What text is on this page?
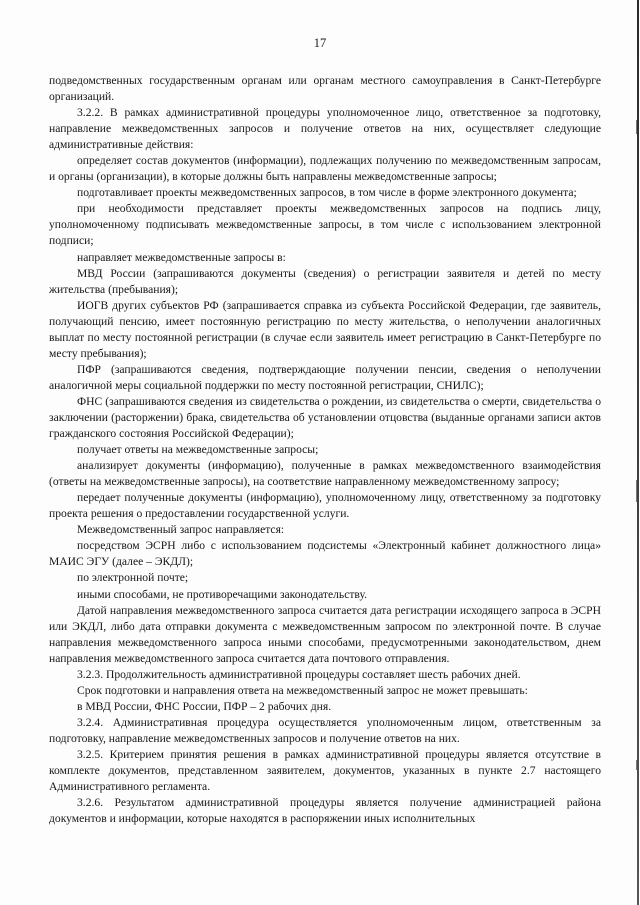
17

подведомственных государственным органам или органам местного самоуправления в Санкт-Петербурге организаций.

3.2.2. В рамках административной процедуры уполномоченное лицо, ответственное за подготовку, направление межведомственных запросов и получение ответов на них, осуществляет следующие административные действия:

определяет состав документов (информации), подлежащих получению по межведомственным запросам, и органы (организации), в которые должны быть направлены межведомственные запросы;

подготавливает проекты межведомственных запросов, в том числе в форме электронного документа;

при необходимости представляет проекты межведомственных запросов на подпись лицу, уполномоченному подписывать межведомственные запросы, в том числе с использованием электронной подписи;

направляет межведомственные запросы в:

МВД России (запрашиваются документы (сведения) о регистрации заявителя и детей по месту жительства (пребывания);

ИОГВ других субъектов РФ (запрашивается справка из субъекта Российской Федерации, где заявитель, получающий пенсию, имеет постоянную регистрацию по месту жительства, о неполучении аналогичных выплат по месту постоянной регистрации (в случае если заявитель имеет регистрацию в Санкт-Петербурге по месту пребывания);

ПФР (запрашиваются сведения, подтверждающие получении пенсии, сведения о неполучении аналогичной меры социальной поддержки по месту постоянной регистрации, СНИЛС);

ФНС (запрашиваются сведения из свидетельства о рождении, из свидетельства о смерти, свидетельства о заключении (расторжении) брака, свидетельства об установлении отцовства (выданные органами записи актов гражданского состояния Российской Федерации);

получает ответы на межведомственные запросы;

анализирует документы (информацию), полученные в рамках межведомственного взаимодействия (ответы на межведомственные запросы), на соответствие направленному межведомственному запросу;

передает полученные документы (информацию), уполномоченному лицу, ответственному за подготовку проекта решения о предоставлении государственной услуги.

Межведомственный запрос направляется:

посредством ЭСРН либо с использованием подсистемы «Электронный кабинет должностного лица» МАИС ЭГУ (далее – ЭКДЛ);

по электронной почте;

иными способами, не противоречащими законодательству.

Датой направления межведомственного запроса считается дата регистрации исходящего запроса в ЭСРН или ЭКДЛ, либо дата отправки документа с межведомственным запросом по электронной почте. В случае направления межведомственного запроса иными способами, предусмотренными законодательством, днем направления межведомственного запроса считается дата почтового отправления.

3.2.3. Продолжительность административной процедуры составляет шесть рабочих дней.

Срок подготовки и направления ответа на межведомственный запрос не может превышать:

в МВД России, ФНС России, ПФР – 2 рабочих дня.

3.2.4. Административная процедура осуществляется уполномоченным лицом, ответственным за подготовку, направление межведомственных запросов и получение ответов на них.

3.2.5. Критерием принятия решения в рамках административной процедуры является отсутствие в комплекте документов, представленном заявителем, документов, указанных в пункте 2.7 настоящего Административного регламента.

3.2.6. Результатом административной процедуры является получение администрацией района документов и информации, которые находятся в распоряжении иных исполнительных
